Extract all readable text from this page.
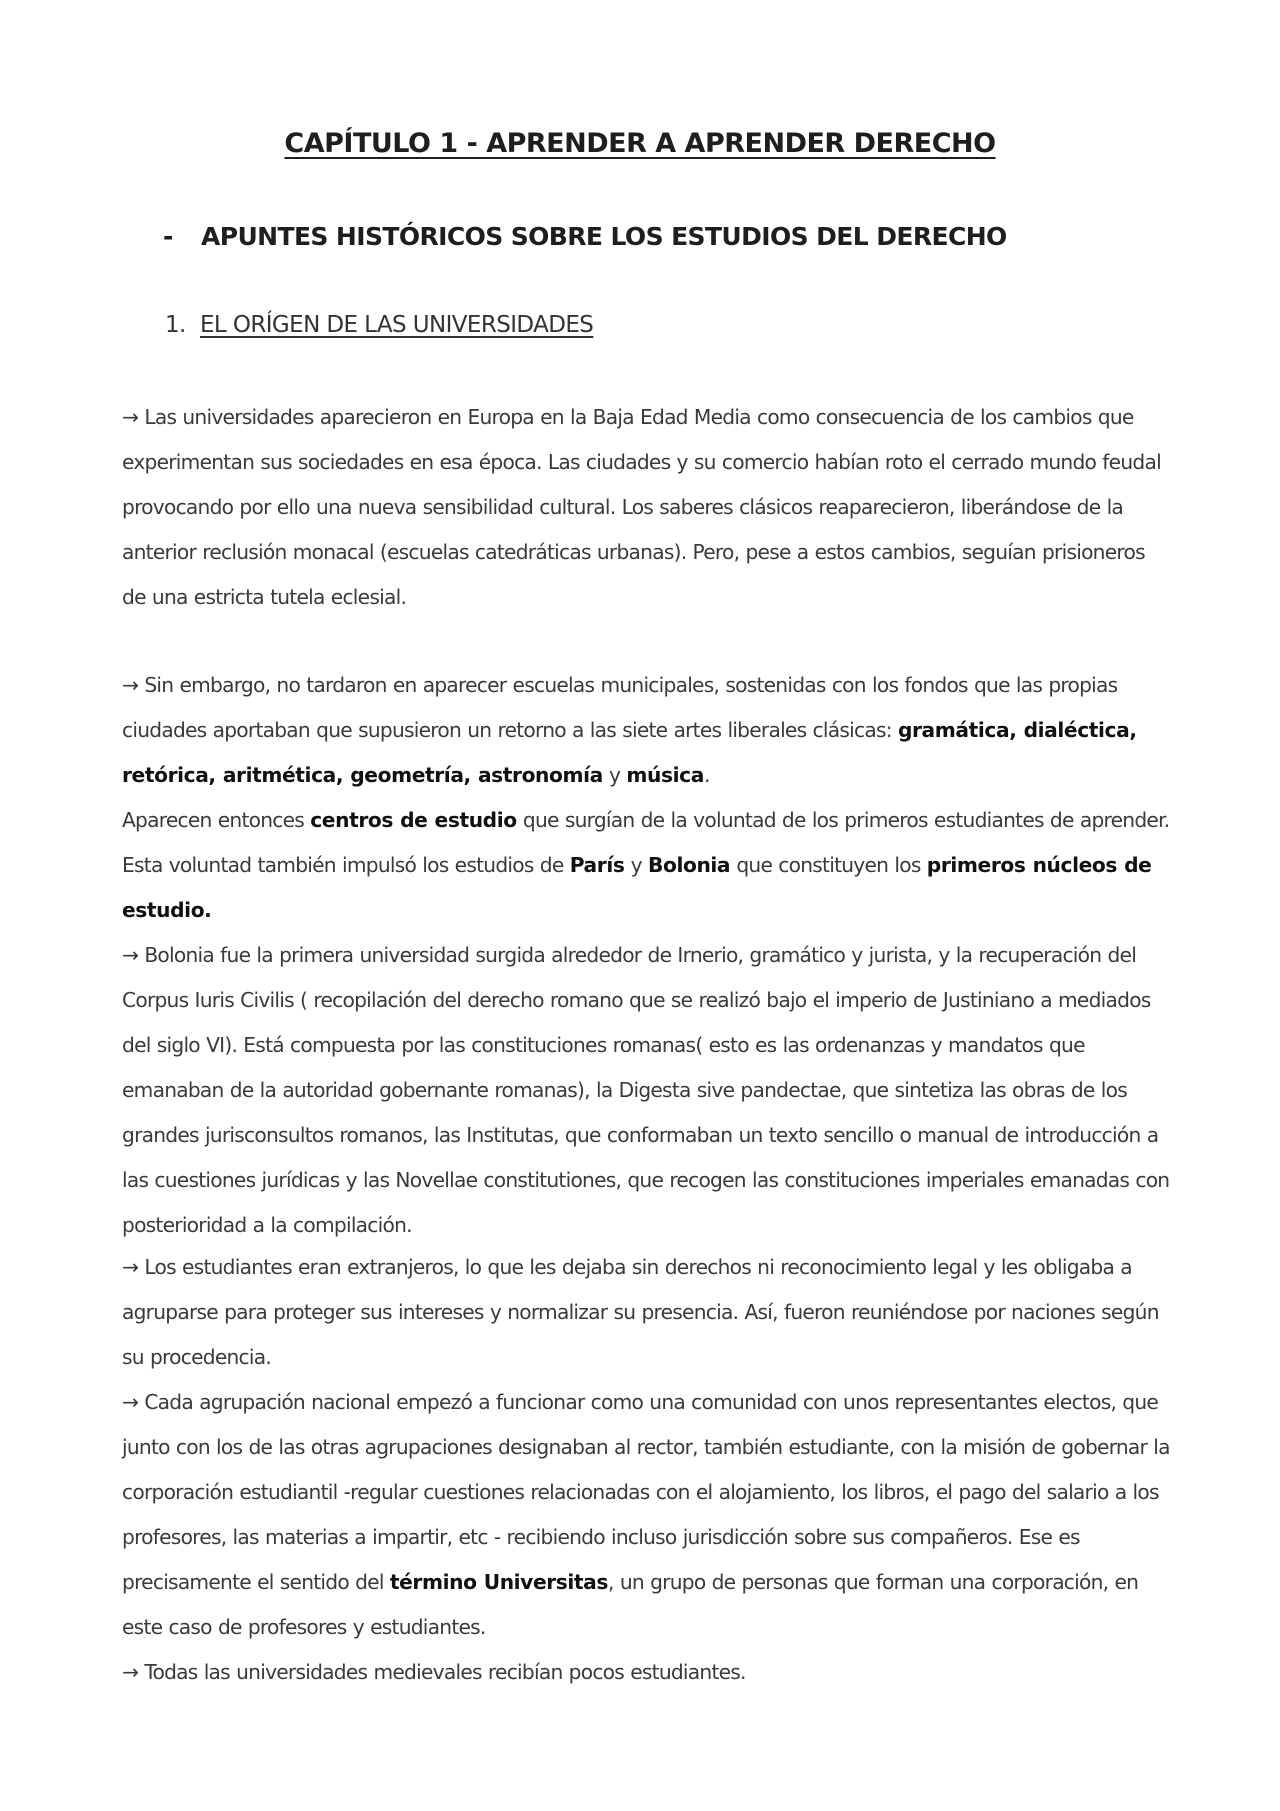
CAPÍTULO 1 - APRENDER A APRENDER DERECHO
- APUNTES HISTÓRICOS SOBRE LOS ESTUDIOS DEL DERECHO
1. EL ORÍGEN DE LAS UNIVERSIDADES

→ Las universidades aparecieron en Europa en la Baja Edad Media como consecuencia de los cambios que experimentan sus sociedades en esa época. Las ciudades y su comercio habían roto el cerrado mundo feudal provocando por ello una nueva sensibilidad cultural. Los saberes clásicos reaparecieron, liberándose de la anterior reclusión monacal (escuelas catedráticas urbanas). Pero, pese a estos cambios, seguían prisioneros de una estricta tutela eclesial.

→ Sin embargo, no tardaron en aparecer escuelas municipales, sostenidas con los fondos que las propias ciudades aportaban que supusieron un retorno a las siete artes liberales clásicas: gramática, dialéctica, retórica, aritmética, geometría, astronomía y música.
Aparecen entonces centros de estudio que surgían de la voluntad de los primeros estudiantes de aprender. Esta voluntad también impulsó los estudios de París y Bolonia que constituyen los primeros núcleos de estudio.

→ Bolonia fue la primera universidad surgida alrededor de Irnerio, gramático y jurista, y la recuperación del Corpus Iuris Civilis ( recopilación del derecho romano que se realizó bajo el imperio de Justiniano a mediados del siglo VI). Está compuesta por las constituciones romanas( esto es las ordenanzas y mandatos que emanaban de la autoridad gobernante romanas), la Digesta sive pandectae, que sintetiza las obras de los grandes jurisconsultos romanos, las Institutas, que conformaban un texto sencillo o manual de introducción a las cuestiones jurídicas y las Novellae constitutiones, que recogen las constituciones imperiales emanadas con posterioridad a la compilación.

→ Los estudiantes eran extranjeros, lo que les dejaba sin derechos ni reconocimiento legal y les obligaba a agruparse para proteger sus intereses y normalizar su presencia. Así, fueron reuniéndose por naciones según su procedencia.

→ Cada agrupación nacional empezó a funcionar como una comunidad con unos representantes electos, que junto con los de las otras agrupaciones designaban al rector, también estudiante, con la misión de gobernar la corporación estudiantil -regular cuestiones relacionadas con el alojamiento, los libros, el pago del salario a los profesores, las materias a impartir, etc - recibiendo incluso jurisdicción sobre sus compañeros. Ese es precisamente el sentido del término Universitas, un grupo de personas que forman una corporación, en este caso de profesores y estudiantes.
→ Todas las universidades medievales recibían pocos estudiantes.
